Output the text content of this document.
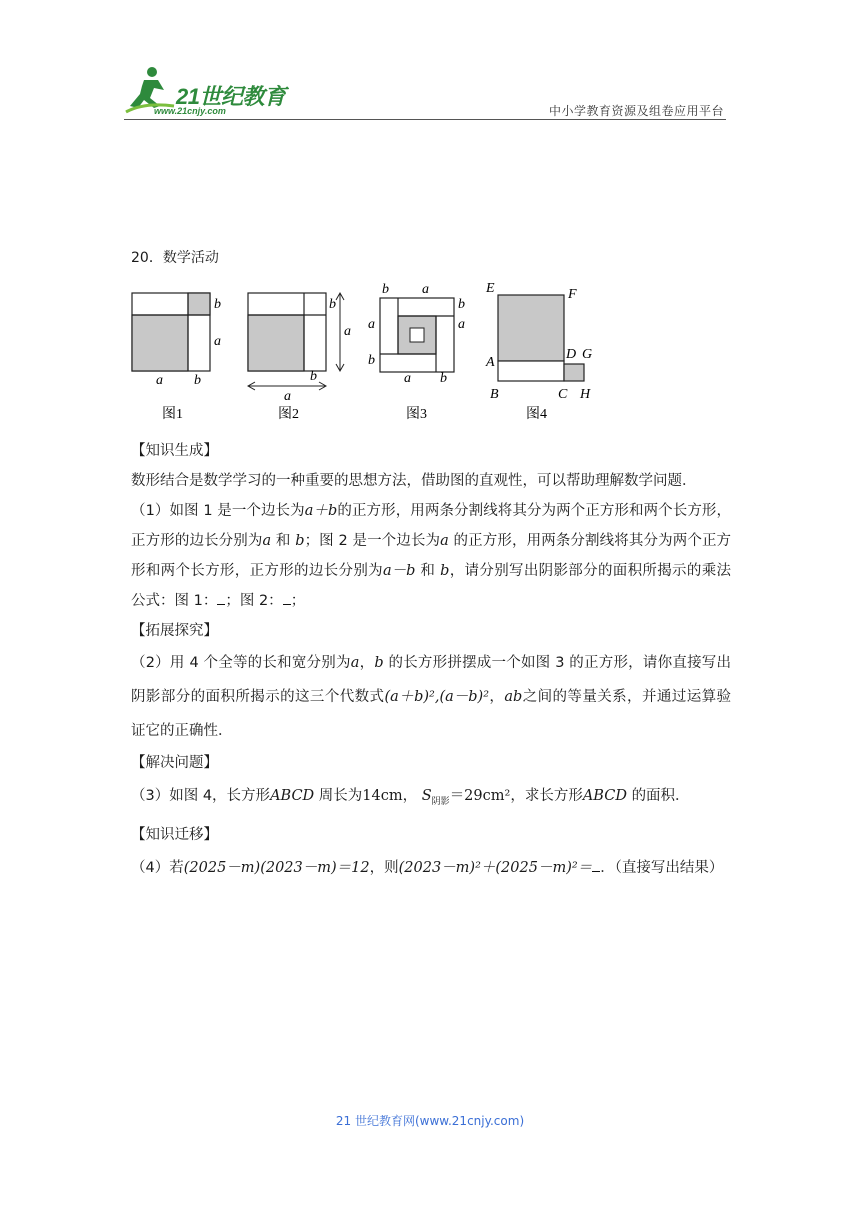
21世纪教育
www.21cnjy.com	中小学教育资源及组卷应用平台
20．数学活动
b
a
a b
图1
b
a
b
a
图2
b a
a
b
a
b
a b
图3
E	F
A
D G
B	C H
图4

【知识生成】

数形结合是数学学习的一种重要的思想方法，借助图的直观性，可以帮助理解数学问题．

（1）如图 1 是一个边长为a＋b的正方形，用两条分割线将其分为两个正方形和两个长方形，正方形的边长分别为a 和 b；图 2 是一个边长为a 的正方形，用两条分割线将其分为两个正方形和两个长方形，正方形的边长分别为a－b 和 b，请分别写出阴影部分的面积所揭示的乘法公式：图 1： ；图 2： ；

【拓展探究】

（2）用 4 个全等的长和宽分别为a，b 的长方形拼摆成一个如图 3 的正方形，请你直接写出阴影部分的面积所揭示的这三个代数式(a＋b)²,(a－b)²，ab之间的等量关系，并通过运算验证它的正确性．

【解决问题】

（3）如图 4，长方形ABCD 周长为14cm， $S_{阴影}=29cm^2$，求长方形ABCD 的面积．

【知识迁移】

（4）若(2025－m)(2023－m)＝12，则(2023－m)²＋(2025－m)²＝ ．（直接写出结果）

21 世纪教育网(www.21cnjy.com)
